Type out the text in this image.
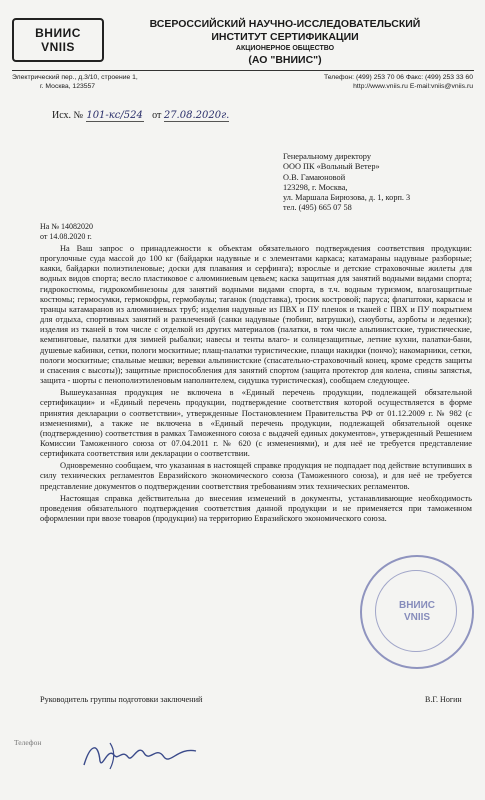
ВНИИС
VNIIS
ВСЕРОССИЙСКИЙ НАУЧНО-ИССЛЕДОВАТЕЛЬСКИЙ
ИНСТИТУТ СЕРТИФИКАЦИИ
АКЦИОНЕРНОЕ ОБЩЕСТВО
(АО "ВНИИС")
Электрический пер., д.3/10, строение 1,
г. Москва, 123557
Телефон: (499) 253 70 06 Факс: (499) 253 33 60
http://www.vniis.ru E-mail:vniis@vniis.ru
Исх. № 101-кс/524 от 27.08.2020г.
Генеральному директору
ООО ПК «Вольный Ветер»
О.В. Гамаюновой
123298, г. Москва,
ул. Маршала Бирюзова, д. 1, корп. 3
тел. (495) 665 07 58
На № 14082020
от 14.08.2020 г.

На Ваш запрос о принадлежности к объектам обязательного подтверждения соответствия продукции: прогулочные суда массой до 100 кг (байдарки надувные и с элементами каркаса; катамараны надувные разборные; каяки, байдарки полиэтиленовые; доски для плавания и серфинга); взрослые и детские страховочные жилеты для водных видов спорта; весло пластиковое с алюминиевым цевьем; каска защитная для занятий водными видами спорта; гидрокостюмы, гидрокомбинезоны для занятий водными видами спорта, в т.ч. водным туризмом, влагозащитные костюмы; гермосумки, гермокофры, гермобаулы; таганок (подставка), тросик костровой; паруса; флагштоки, каркасы и транцы катамаранов из алюминиевых труб; изделия надувные из ПВХ и ПУ пленок и тканей с ПВХ и ПУ покрытием для отдыха, спортивных занятий и развлечений (санки надувные (тюбинг, ватрушки), сноуботы, аэрботы и леденки); изделия из тканей в том числе с отделкой из других материалов (палатки, в том числе альпинистские, туристические, кемпинговые, палатки для зимней рыбалки; навесы и тенты влаго- и солнцезащитные, летние кухни, палатки-бани, душевые кабинки, сетки, пологи москитные; плащ-палатки туристические, плащи накидки (пончо); накомарники, сетки, пологи москитные; спальные мешки; веревки альпинистские (спасательно-страховочный конец, кроме средств защиты и спасения с высоты)); защитные приспособления для занятий спортом (защита протектор для колена, спины запястья, защита - шорты с пенополиэтиленовым наполнителем, сидушка туристическая), сообщаем следующее.

Вышеуказанная продукция не включена в «Единый перечень продукции, подлежащей обязательной сертификации» и «Единый перечень продукции, подтверждение соответствия которой осуществляется в форме принятия декларации о соответствии», утвержденные Постановлением Правительства РФ от 01.12.2009 г. № 982 (с изменениями), а также не включена в «Единый перечень продукции, подлежащей обязательной оценке (подтверждению) соответствия в рамках Таможенного союза с выдачей единых документов», утвержденный Решением Комиссии Таможенного союза от 07.04.2011 г. № 620 (с изменениями), и для неё не требуется представление сертификата соответствия или декларации о соответствии.

Одновременно сообщаем, что указанная в настоящей справке продукция не подпадает под действие вступивших в силу технических регламентов Евразийского экономического союза (Таможенного союза), и для неё не требуется представление документов о подтверждении соответствия требованиям этих технических регламентов.

Настоящая справка действительна до внесения изменений в документы, устанавливающие необходимость проведения обязательного подтверждения соответствия данной продукции и не применяется при таможенном оформлении при ввозе товаров (продукции) на территорию Евразийского экономического союза.

ВНИИС
VNIIS
Руководитель группы подготовки заключений	В.Г. Ногин
Телефон
